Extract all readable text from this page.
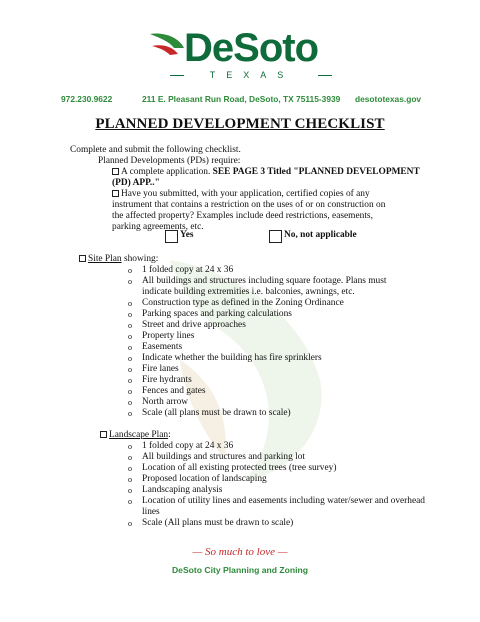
DeSoto
TEXAS
972.230.9622	211 E. Pleasant Run Road, DeSoto, TX 75115-3939 desototexas.gov
PLANNED DEVELOPMENT CHECKLIST
Complete and submit the following checklist.
Planned Developments (PDs) require:
A complete application. SEE PAGE 3 Titled "PLANNED DEVELOPMENT
(PD) APP.."
Have you submitted, with your application, certified copies of any
instrument that contains a restriction on the uses of or on construction on
the affected property? Examples include deed restrictions, easements,
parking agreements, etc.
Yes	No, not applicable
Site Plan showing:
o 1 folded copy at 24 x 36
o All buildings and structures including square footage. Plans must
indicate building extremities i.e. balconies, awnings, etc.
o Construction type as defined in the Zoning Ordinance
o Parking spaces and parking calculations
o Street and drive approaches
o Property lines
o Easements
o Indicate whether the building has fire sprinklers
o Fire lanes
o Fire hydrants
o Fences and gates
o North arrow
o Scale (all plans must be drawn to scale)
Landscape Plan:
o 1 folded copy at 24 x 36
o All buildings and structures and parking lot
o Location of all existing protected trees (tree survey)
o Proposed location of landscaping
o Landscaping analysis
o Location of utility lines and easements including water/sewer and overhead
lines
o Scale (All plans must be drawn to scale)
— So much to love —
DeSoto City Planning and Zoning
